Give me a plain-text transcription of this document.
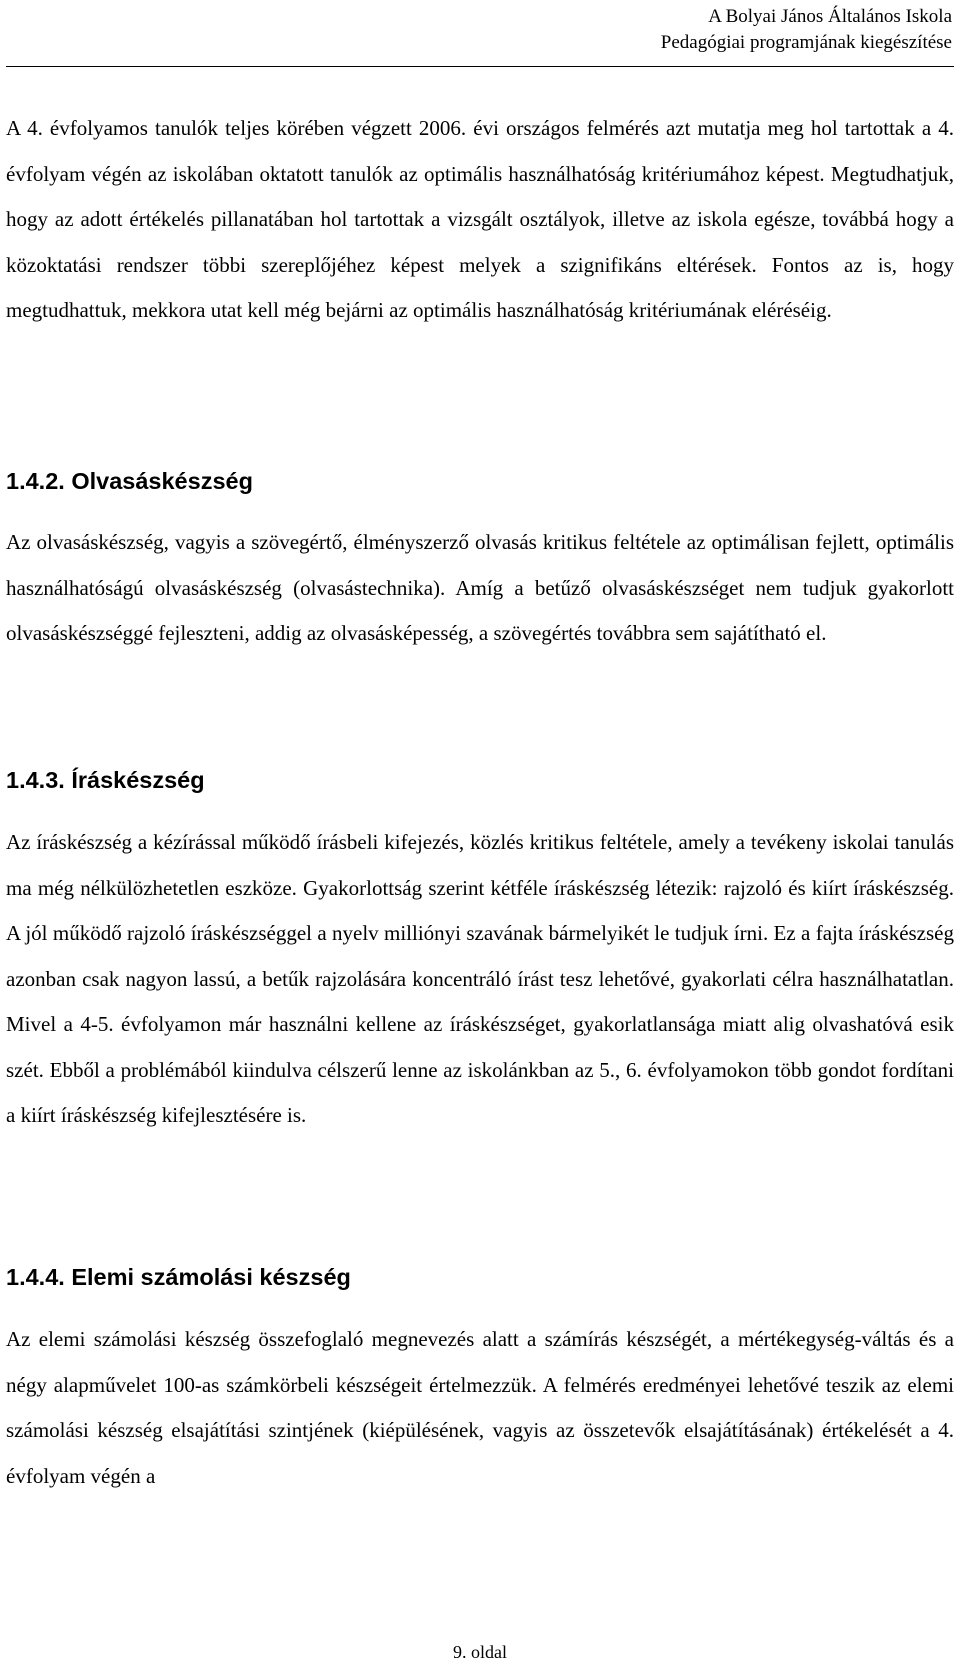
A Bolyai János Általános Iskola
Pedagógiai programjának kiegészítése

A 4. évfolyamos tanulók teljes körében végzett 2006. évi országos felmérés azt mutatja meg hol tartottak a 4. évfolyam végén az iskolában oktatott tanulók az optimális használhatóság kritériumához képest. Megtudhatjuk, hogy az adott értékelés pillanatában hol tartottak a vizsgált osztályok, illetve az iskola egésze, továbbá hogy a közoktatási rendszer többi szereplőjéhez képest melyek a szignifikáns eltérések. Fontos az is, hogy megtudhattuk, mekkora utat kell még bejárni az optimális használhatóság kritériumának eléréséig.

1.4.2. Olvasáskészség

Az olvasáskészség, vagyis a szövegértő, élményszerző olvasás kritikus feltétele az optimálisan fejlett, optimális használhatóságú olvasáskészség (olvasástechnika). Amíg a betűző olvasáskészséget nem tudjuk gyakorlott olvasáskészséggé fejleszteni, addig az olvasásképesség, a szövegértés továbbra sem sajátítható el.

1.4.3. Íráskészség

Az íráskészség a kézírással működő írásbeli kifejezés, közlés kritikus feltétele, amely a tevékeny iskolai tanulás ma még nélkülözhetetlen eszköze. Gyakorlottság szerint kétféle íráskészség létezik: rajzoló és kiírt íráskészség. A jól működő rajzoló íráskészséggel a nyelv milliónyi szavának bármelyikét le tudjuk írni. Ez a fajta íráskészség azonban csak nagyon lassú, a betűk rajzolására koncentráló írást tesz lehetővé, gyakorlati célra használhatatlan. Mivel a 4-5. évfolyamon már használni kellene az íráskészséget, gyakorlatlansága miatt alig olvashatóvá esik szét. Ebből a problémából kiindulva célszerű lenne az iskolánkban az 5., 6. évfolyamokon több gondot fordítani a kiírt íráskészség kifejlesztésére is.

1.4.4. Elemi számolási készség

Az elemi számolási készség összefoglaló megnevezés alatt a számírás készségét, a mértékegység-váltás és a négy alapművelet 100-as számkörbeli készségeit értelmezzük. A felmérés eredményei lehetővé teszik az elemi számolási készség elsajátítási szintjének (kiépülésének, vagyis az összetevők elsajátításának) értékelését a 4. évfolyam végén a

9. oldal
